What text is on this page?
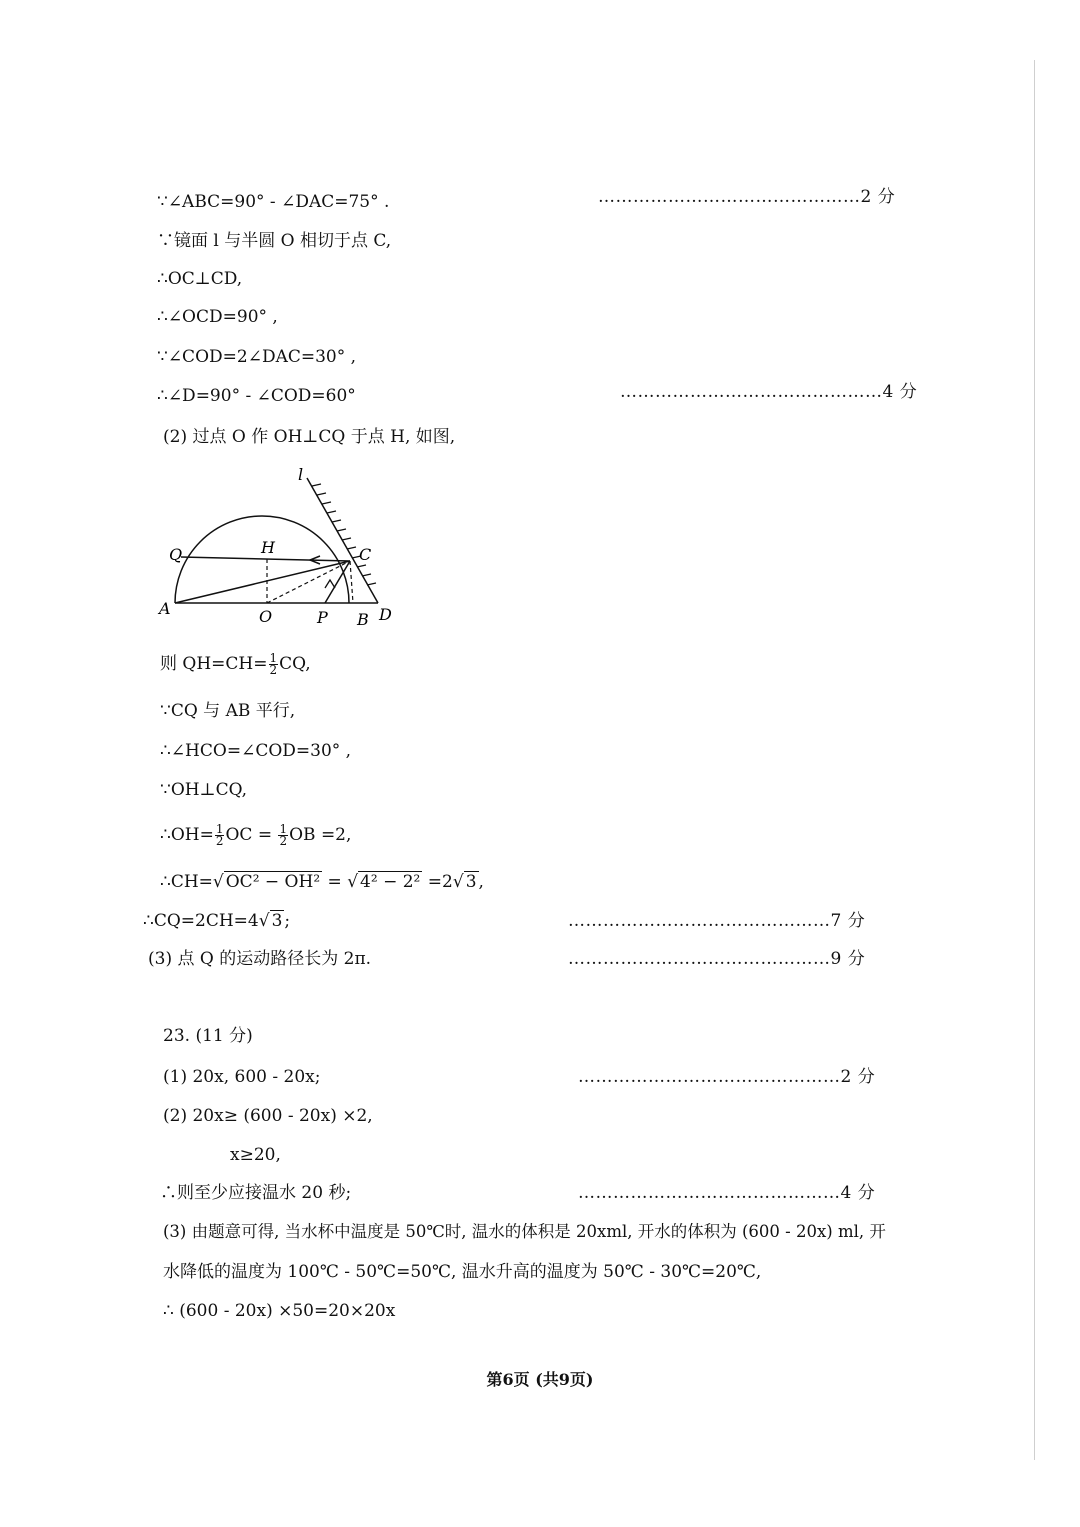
∵∠ABC=90° - ∠DAC=75° .	………………………………………2 分
∵镜面 l 与半圆 O 相切于点 C,
∴OC⊥CD,
∴∠OCD=90° ,
∵∠COD=2∠DAC=30° ,
∴∠D=90° - ∠COD=60°	………………………………………4 分
(2) 过点 O 作 OH⊥CQ 于点 H, 如图,
l
Q	H	C
A	O	P B D
则 $QH=CH= \frac{1}{2}$ CQ,
∵CQ 与 AB 平行,
∴∠HCO=∠COD=30° ,
∵OH⊥CQ,
∴OH= $\frac{1}{2}$ OC = $\frac{1}{2}$ OB =2,
∴CH=√ OC² − OH² = √ 4² − 2² =2√ 3 ,
∴CQ=2CH=4√ 3 ;	………………………………………7 分
(3) 点 Q 的运动路径长为 2π.	………………………………………9 分
23. (11 分)
(1) 20x, 600 - 20x;	………………………………………2 分
(2) 20x≥ (600 - 20x) ×2,
x≥20,
∴则至少应接温水 20 秒;	………………………………………4 分
(3) 由题意可得, 当水杯中温度是 50℃时, 温水的体积是 20xml, 开水的体积为 (600 - 20x) ml, 开
水降低的温度为 100℃ - 50℃=50℃, 温水升高的温度为 50℃ - 30℃=20℃,
∴ (600 - 20x) ×50=20×20x
第6页 (共9页)
